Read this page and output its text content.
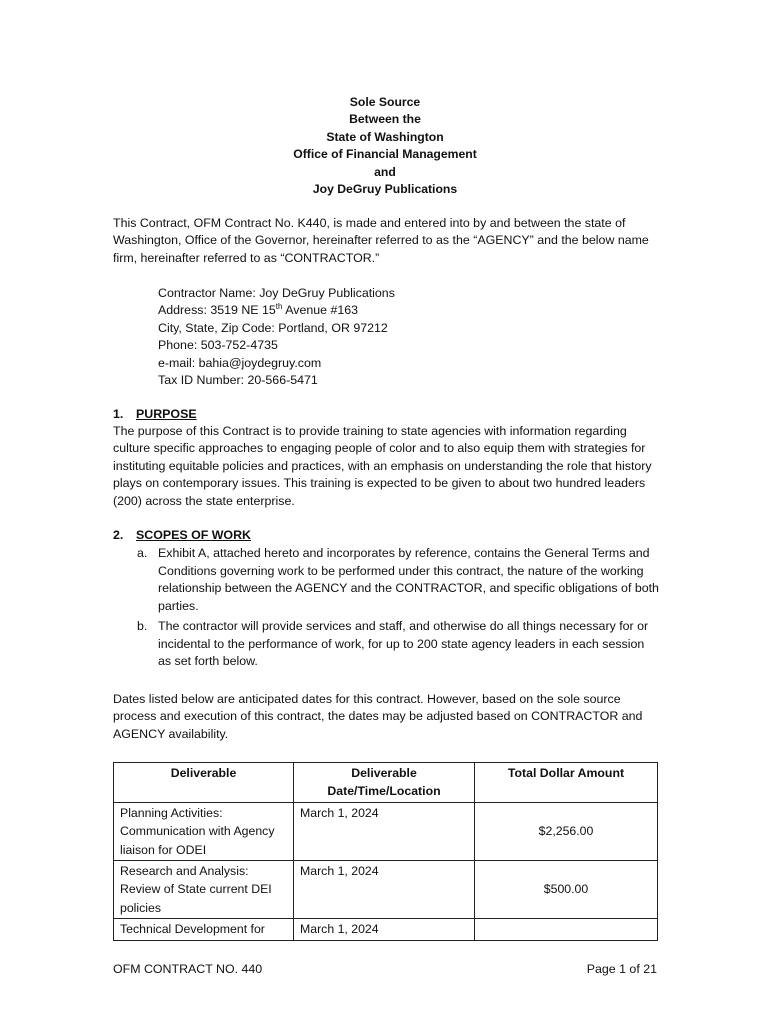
Sole Source
Between the
State of Washington
Office of Financial Management
and
Joy DeGruy Publications

This Contract, OFM Contract No. K440, is made and entered into by and between the state of Washington, Office of the Governor, hereinafter referred to as the “AGENCY” and the below name firm, hereinafter referred to as “CONTRACTOR.”

Contractor Name: Joy DeGruy Publications
Address: 3519 NE 15th Avenue #163
City, State, Zip Code: Portland, OR 97212
Phone: 503-752-4735
e-mail: bahia@joydegruy.com
Tax ID Number: 20-566-5471
1. PURPOSE

The purpose of this Contract is to provide training to state agencies with information regarding culture specific approaches to engaging people of color and to also equip them with strategies for instituting equitable policies and practices, with an emphasis on understanding the role that history plays on contemporary issues. This training is expected to be given to about two hundred leaders (200) across the state enterprise.

2. SCOPES OF WORK
a. Exhibit A, attached hereto and incorporates by reference, contains the General Terms and Conditions governing work to be performed under this contract, the nature of the working relationship between the AGENCY and the CONTRACTOR, and specific obligations of both parties.
b. The contractor will provide services and staff, and otherwise do all things necessary for or incidental to the performance of work, for up to 200 state agency leaders in each session as set forth below.

Dates listed below are anticipated dates for this contract. However, based on the sole source process and execution of this contract, the dates may be adjusted based on CONTRACTOR and AGENCY availability.

Deliverable	Deliverable Date/Time/Location	Total Dollar Amount
Planning Activities: Communication with Agency liaison for ODEI	March 1, 2024	$2,256.00
Research and Analysis: Review of State current DEI policies	March 1, 2024	$500.00
Technical Development for	March 1, 2024	
OFM CONTRACT NO. 440	Page 1 of 21
